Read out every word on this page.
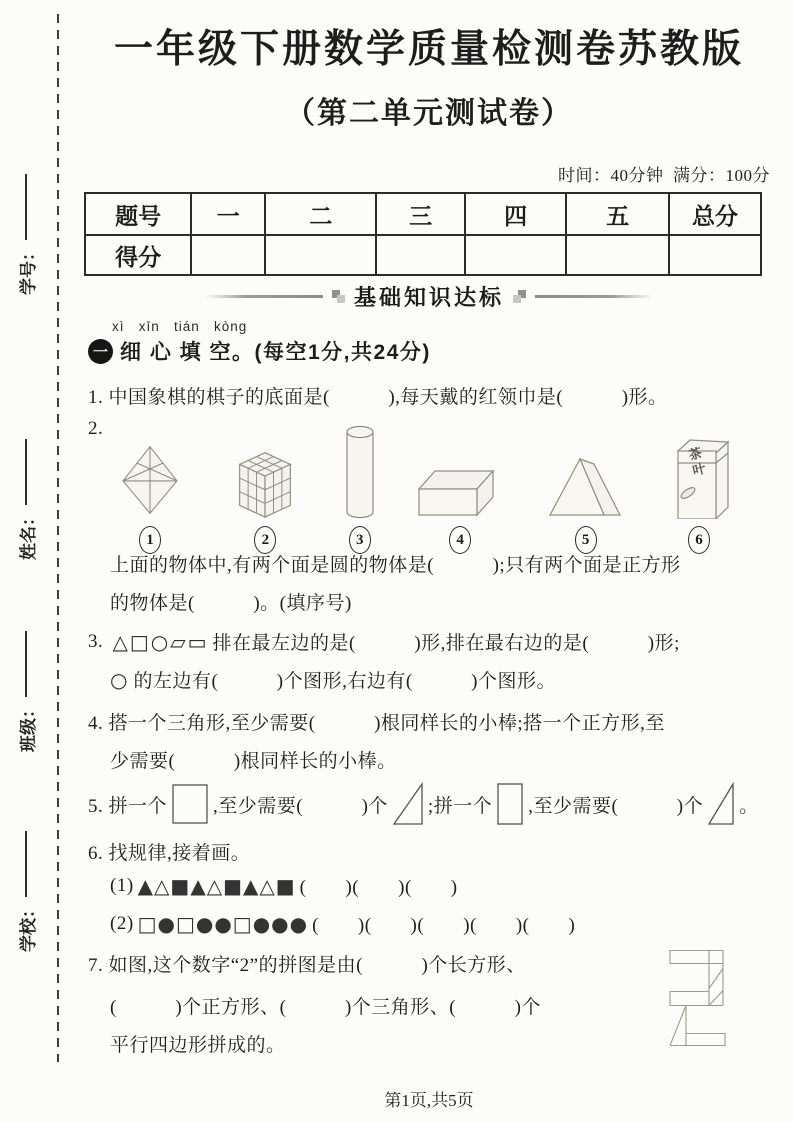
学号：
姓名：
班级：
学校：
一年级下册数学质量检测卷苏教版
（第二单元测试卷）
时间：40分钟  满分：100分
题号	一	二	三	四	五	总分
得分						
基础知识达标
xì   xīn   tián   kòng
一 细 心 填 空。(每空1分,共24分)
1. 中国象棋的棋子的底面是(　　　),每天戴的红领巾是(　　　)形。
2.
1	2	3	4	5
茶叶
6
上面的物体中,有两个面是圆的物体是(　　　);只有两个面是正方形
的物体是(　　　)。(填序号)
3. △□○▱▭ 排在最左边的是(　　　)形,排在最右边的是(　　　)形;
○ 的左边有(　　　)个图形,右边有(　　　)个图形。
4. 搭一个三角形,至少需要(　　　)根同样长的小棒;搭一个正方形,至
少需要(　　　)根同样长的小棒。
5. 拼一个 ,至少需要(　　　)个 ;拼一个 ,至少需要(　　　)个 。
6. 找规律,接着画。
(1) ▲△■▲△■▲△■ (　　)(　　)(　　)
(2) □●□●●□●●● (　　)(　　)(　　)(　　)(　　)
7. 如图,这个数字“2”的拼图是由(　　　)个长方形、
(　　　)个正方形、(　　　)个三角形、(　　　)个
平行四边形拼成的。
第1页,共5页
